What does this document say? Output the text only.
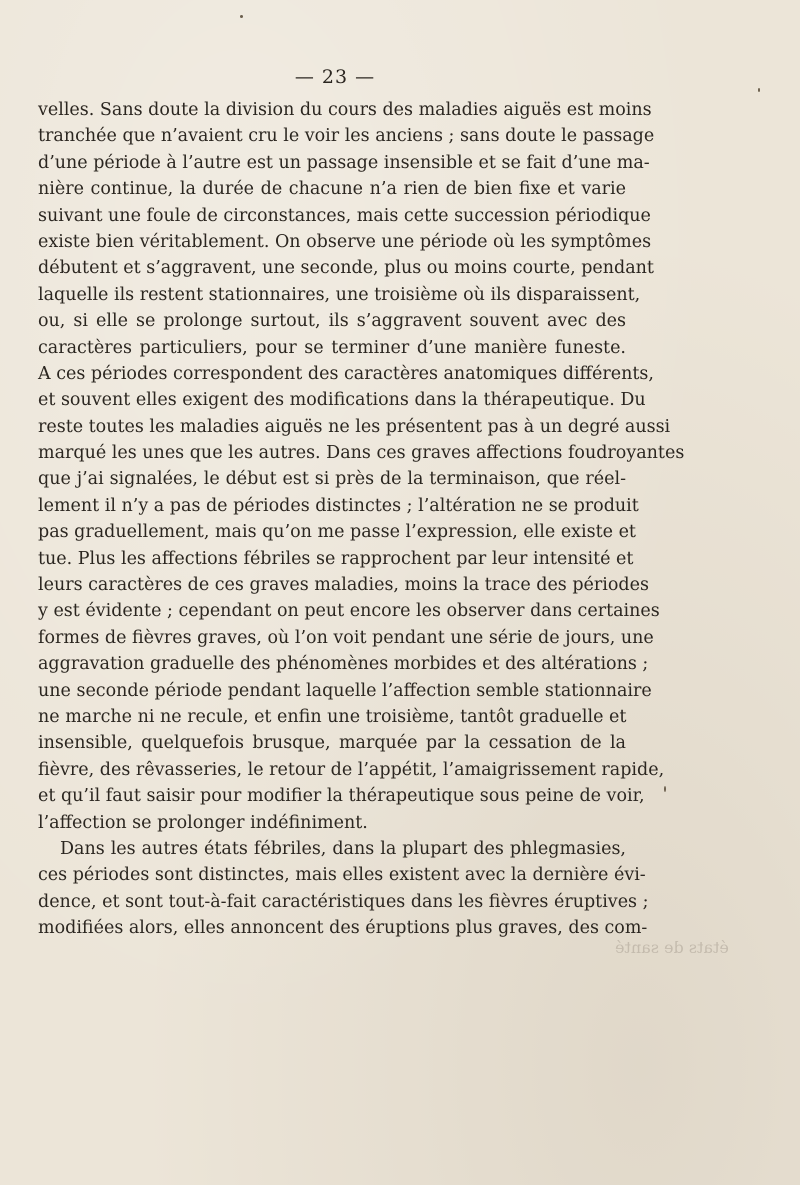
— 23 —
velles. Sans doute la division du cours des maladies aiguës est moins
tranchée que n’avaient cru le voir les anciens ; sans doute le passage
d’une période à l’autre est un passage insensible et se fait d’une ma-
nière continue, la durée de chacune n’a rien de bien fixe et varie
suivant une foule de circonstances, mais cette succession périodique
existe bien véritablement. On observe une période où les symptômes
débutent et s’aggravent, une seconde, plus ou moins courte, pendant
laquelle ils restent stationnaires, une troisième où ils disparaissent,
ou, si elle se prolonge surtout, ils s’aggravent souvent avec des
caractères particuliers, pour se terminer d’une manière funeste.
A ces périodes correspondent des caractères anatomiques différents,
et souvent elles exigent des modifications dans la thérapeutique. Du
reste toutes les maladies aiguës ne les présentent pas à un degré aussi
marqué les unes que les autres. Dans ces graves affections foudroyantes
que j’ai signalées, le début est si près de la terminaison, que réel-
lement il n’y a pas de périodes distinctes ; l’altération ne se produit
pas graduellement, mais qu’on me passe l’expression, elle existe et
tue. Plus les affections fébriles se rapprochent par leur intensité et
leurs caractères de ces graves maladies, moins la trace des périodes
y est évidente ; cependant on peut encore les observer dans certaines
formes de fièvres graves, où l’on voit pendant une série de jours, une
aggravation graduelle des phénomènes morbides et des altérations ;
une seconde période pendant laquelle l’affection semble stationnaire
ne marche ni ne recule, et enfin une troisième, tantôt graduelle et
insensible, quelquefois brusque, marquée par la cessation de la
fièvre, des rêvasseries, le retour de l’appétit, l’amaigrissement rapide,
et qu’il faut saisir pour modifier la thérapeutique sous peine de voir,
l’affection se prolonger indéfiniment.
Dans les autres états fébriles, dans la plupart des phlegmasies,
ces périodes sont distinctes, mais elles existent avec la dernière évi-
dence, et sont tout-à-fait caractéristiques dans les fièvres éruptives ;
modifiées alors, elles annoncent des éruptions plus graves, des com-
états de santé
